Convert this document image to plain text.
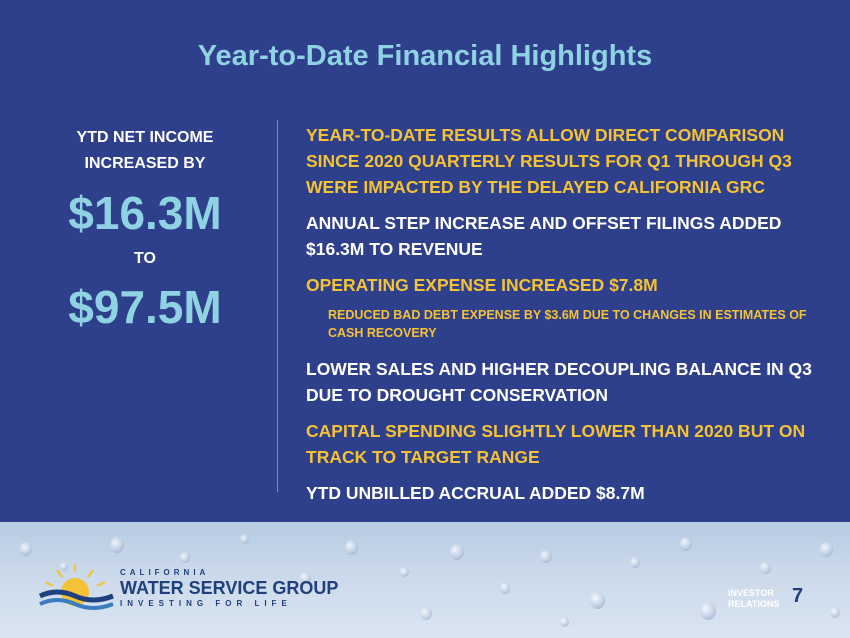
Year-to-Date Financial Highlights
YTD NET INCOME
INCREASED BY
$16.3M
TO
$97.5M
YEAR-TO-DATE RESULTS ALLOW DIRECT COMPARISON SINCE 2020 QUARTERLY RESULTS FOR Q1 THROUGH Q3 WERE IMPACTED BY THE DELAYED CALIFORNIA GRC
ANNUAL STEP INCREASE AND OFFSET FILINGS ADDED $16.3M TO REVENUE
OPERATING EXPENSE INCREASED $7.8M
REDUCED BAD DEBT EXPENSE BY $3.6M DUE TO CHANGES IN ESTIMATES OF CASH RECOVERY
LOWER SALES AND HIGHER DECOUPLING BALANCE IN Q3 DUE TO DROUGHT CONSERVATION
CAPITAL SPENDING SLIGHTLY LOWER THAN 2020 BUT ON TRACK TO TARGET RANGE
YTD UNBILLED ACCRUAL ADDED $8.7M
CALIFORNIA
WATER SERVICE GROUP
INVESTING FOR LIFE
INVESTOR
RELATIONS 7
